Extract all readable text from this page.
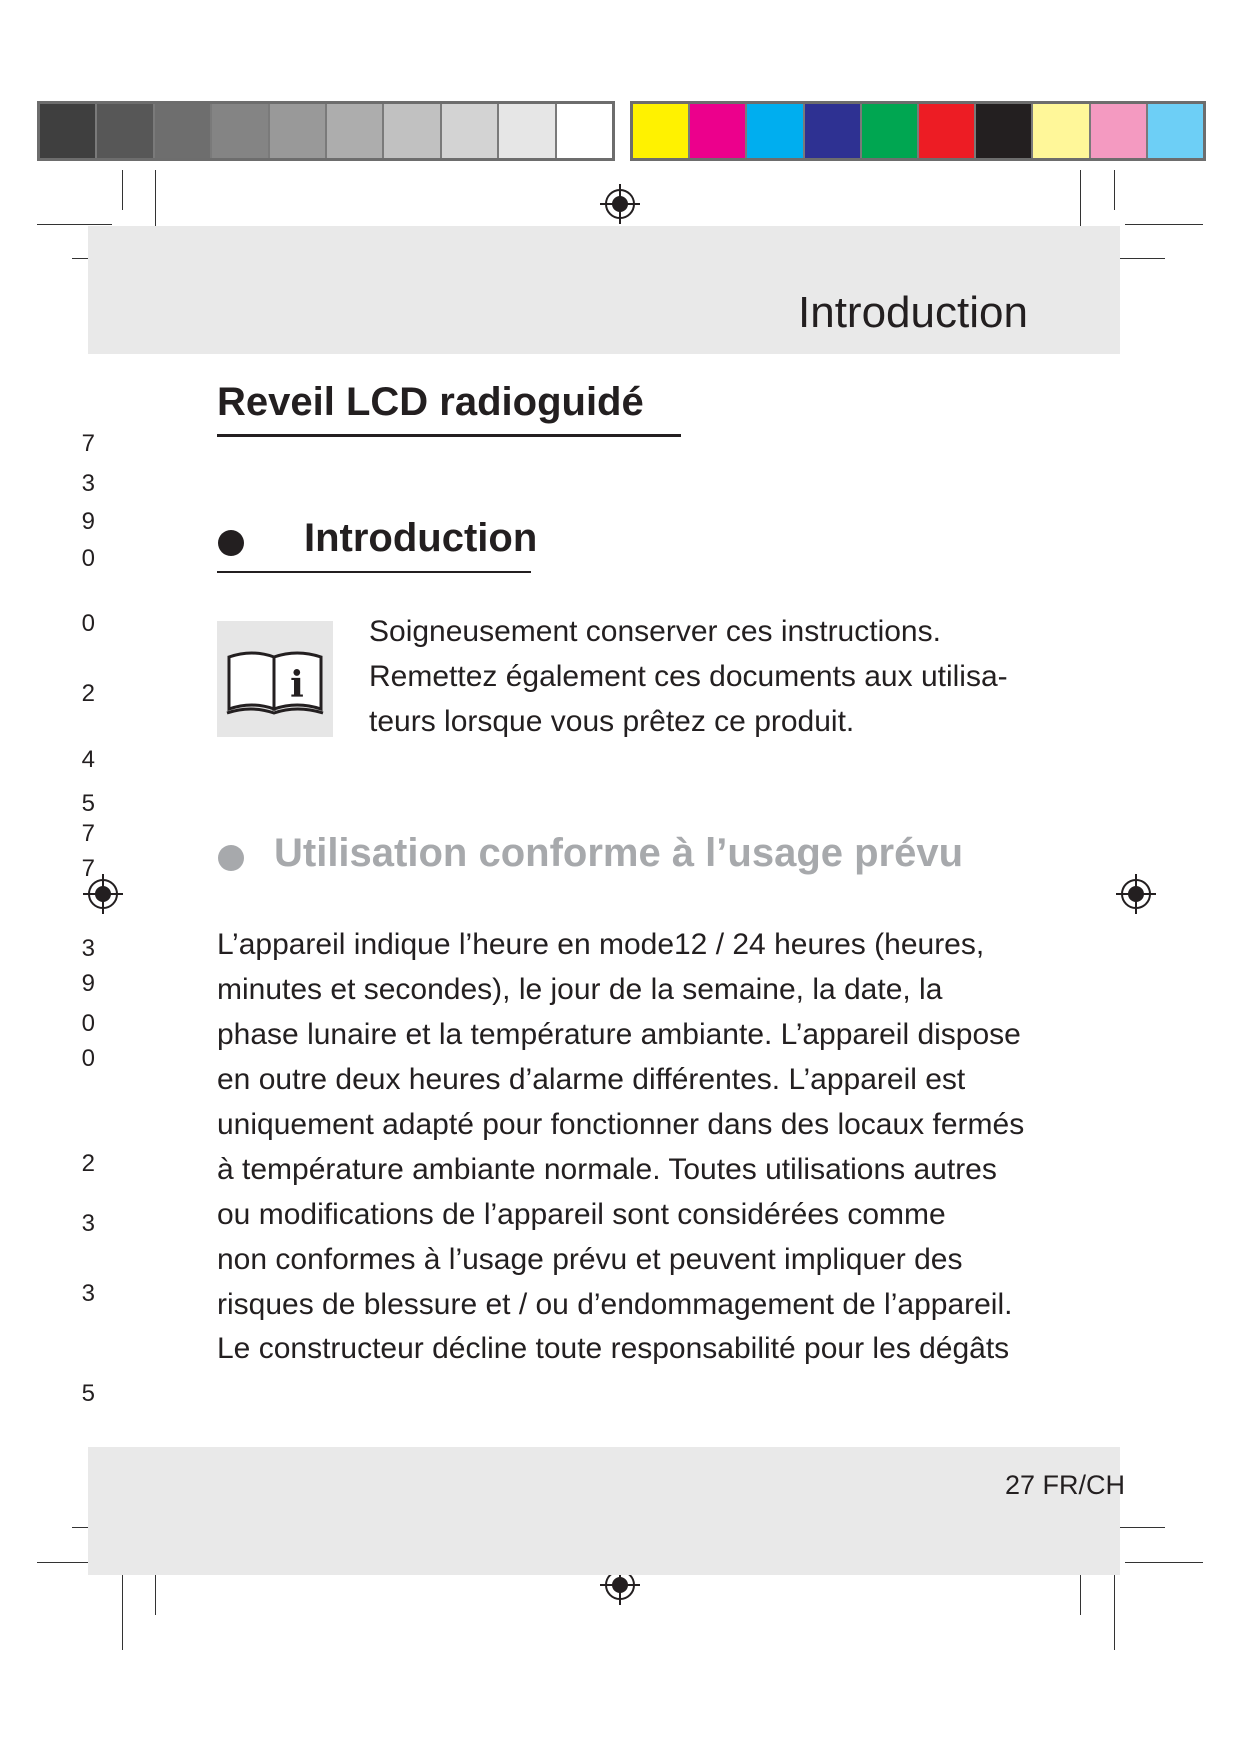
Introduction
27 FR/CH
7
3
9
0
0
2
4
5
7
7
3
9
0
0
2
3
3
5
Reveil LCD radioguidé
Introduction
i
Soigneusement conserver ces instructions.
Remettez également ces documents aux utilisa-
teurs lorsque vous prêtez ce produit.
Utilisation conforme à l’usage prévu
L’appareil indique l’heure en mode12 / 24 heures (heures,
minutes et secondes), le jour de la semaine, la date, la
phase lunaire et la température ambiante. L’appareil dispose
en outre deux heures d’alarme différentes. L’appareil est
uniquement adapté pour fonctionner dans des locaux fermés
à température ambiante normale. Toutes utilisations autres
ou modifications de l’appareil sont considérées comme
non conformes à l’usage prévu et peuvent impliquer des
risques de blessure et / ou d’endommagement de l’appareil.
Le constructeur décline toute responsabilité pour les dégâts
